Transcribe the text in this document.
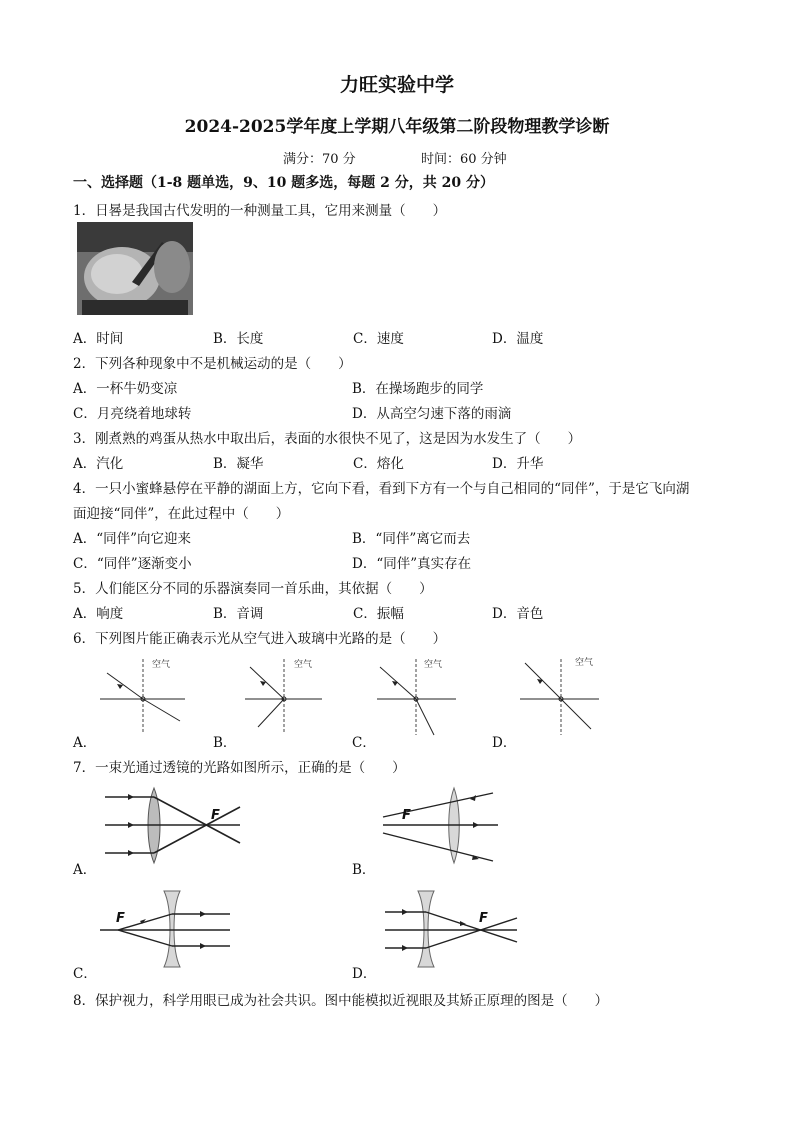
力旺实验中学
2024-2025学年度上学期八年级第二阶段物理教学诊断
满分：70 分	时间：60 分钟
一、选择题（1-8 题单选，9、10 题多选，每题 2 分，共 20 分）
1．日晷是我国古代发明的一种测量工具，它用来测量（　　）
A．时间	B．长度	C．速度	D．温度
2．下列各种现象中不是机械运动的是（　　）
A．一杯牛奶变凉	B．在操场跑步的同学
C．月亮绕着地球转	D．从高空匀速下落的雨滴
3．刚煮熟的鸡蛋从热水中取出后，表面的水很快不见了，这是因为水发生了（　　）
A．汽化	B．凝华	C．熔化	D．升华
4．一只小蜜蜂悬停在平静的湖面上方，它向下看，看到下方有一个与自己相同的“同伴”，于是它飞向湖
面迎接“同伴”，在此过程中（　　）
A．“同伴”向它迎来	B．“同伴”离它而去
C．“同伴”逐渐变小	D．“同伴”真实存在
5．人们能区分不同的乐器演奏同一首乐曲，其依据（　　）
A．响度	B．音调	C．振幅	D．音色
6．下列图片能正确表示光从空气进入玻璃中光路的是（　　）
空气
A．
空气
B．
空气
C．
空气
D．
7．一束光通过透镜的光路如图所示，正确的是（　　）
F
A．
F
B．
F
C．
F
D．
8．保护视力，科学用眼已成为社会共识。图中能模拟近视眼及其矫正原理的图是（　　）
